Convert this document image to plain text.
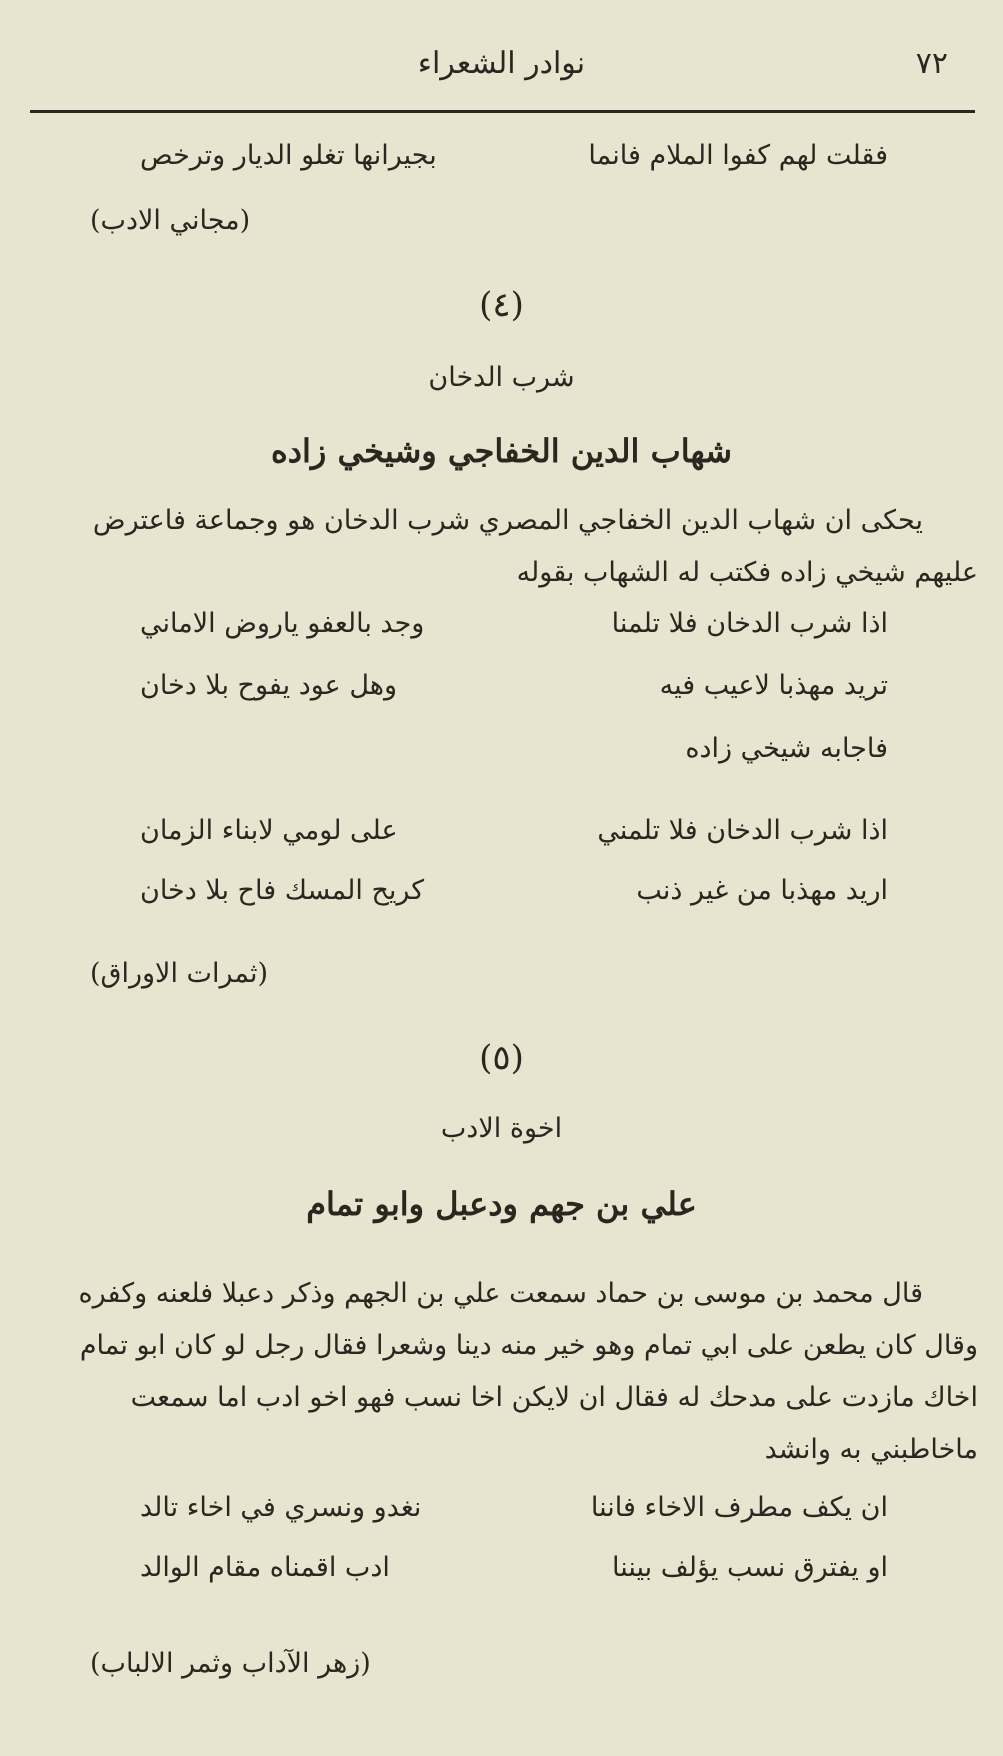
٧٢
نوادر الشعراء
فقلت لهم كفوا الملام فانما
بجيرانها تغلو الديار وترخص
(مجاني الادب)
(٤)
شرب الدخان
شهاب الدين الخفاجي وشيخي زاده
يحكى ان شهاب الدين الخفاجي المصري شرب الدخان هو وجماعة فاعترض
عليهم شيخي زاده فكتب له الشهاب بقوله
اذا شرب الدخان فلا تلمنا
وجد بالعفو ياروض الاماني
تريد مهذبا لاعيب فيه
وهل عود يفوح بلا دخان
فاجابه شيخي زاده
اذا شرب الدخان فلا تلمني
على لومي لابناء الزمان
اريد مهذبا من غير ذنب
كريح المسك فاح بلا دخان
(ثمرات الاوراق)
(٥)
اخوة الادب
علي بن جهم ودعبل وابو تمام
قال محمد بن موسى بن حماد سمعت علي بن الجهم وذكر دعبلا فلعنه وكفره
وقال كان يطعن على ابي تمام وهو خير منه دينا وشعرا فقال رجل لو كان ابو تمام
اخاك مازدت على مدحك له فقال ان لايكن اخا نسب فهو اخو ادب اما سمعت
ماخاطبني به وانشد
ان يكف مطرف الاخاء فاننا
نغدو ونسري في اخاء تالد
او يفترق نسب يؤلف بيننا
ادب اقمناه مقام الوالد
(زهر الآداب وثمر الالباب)
